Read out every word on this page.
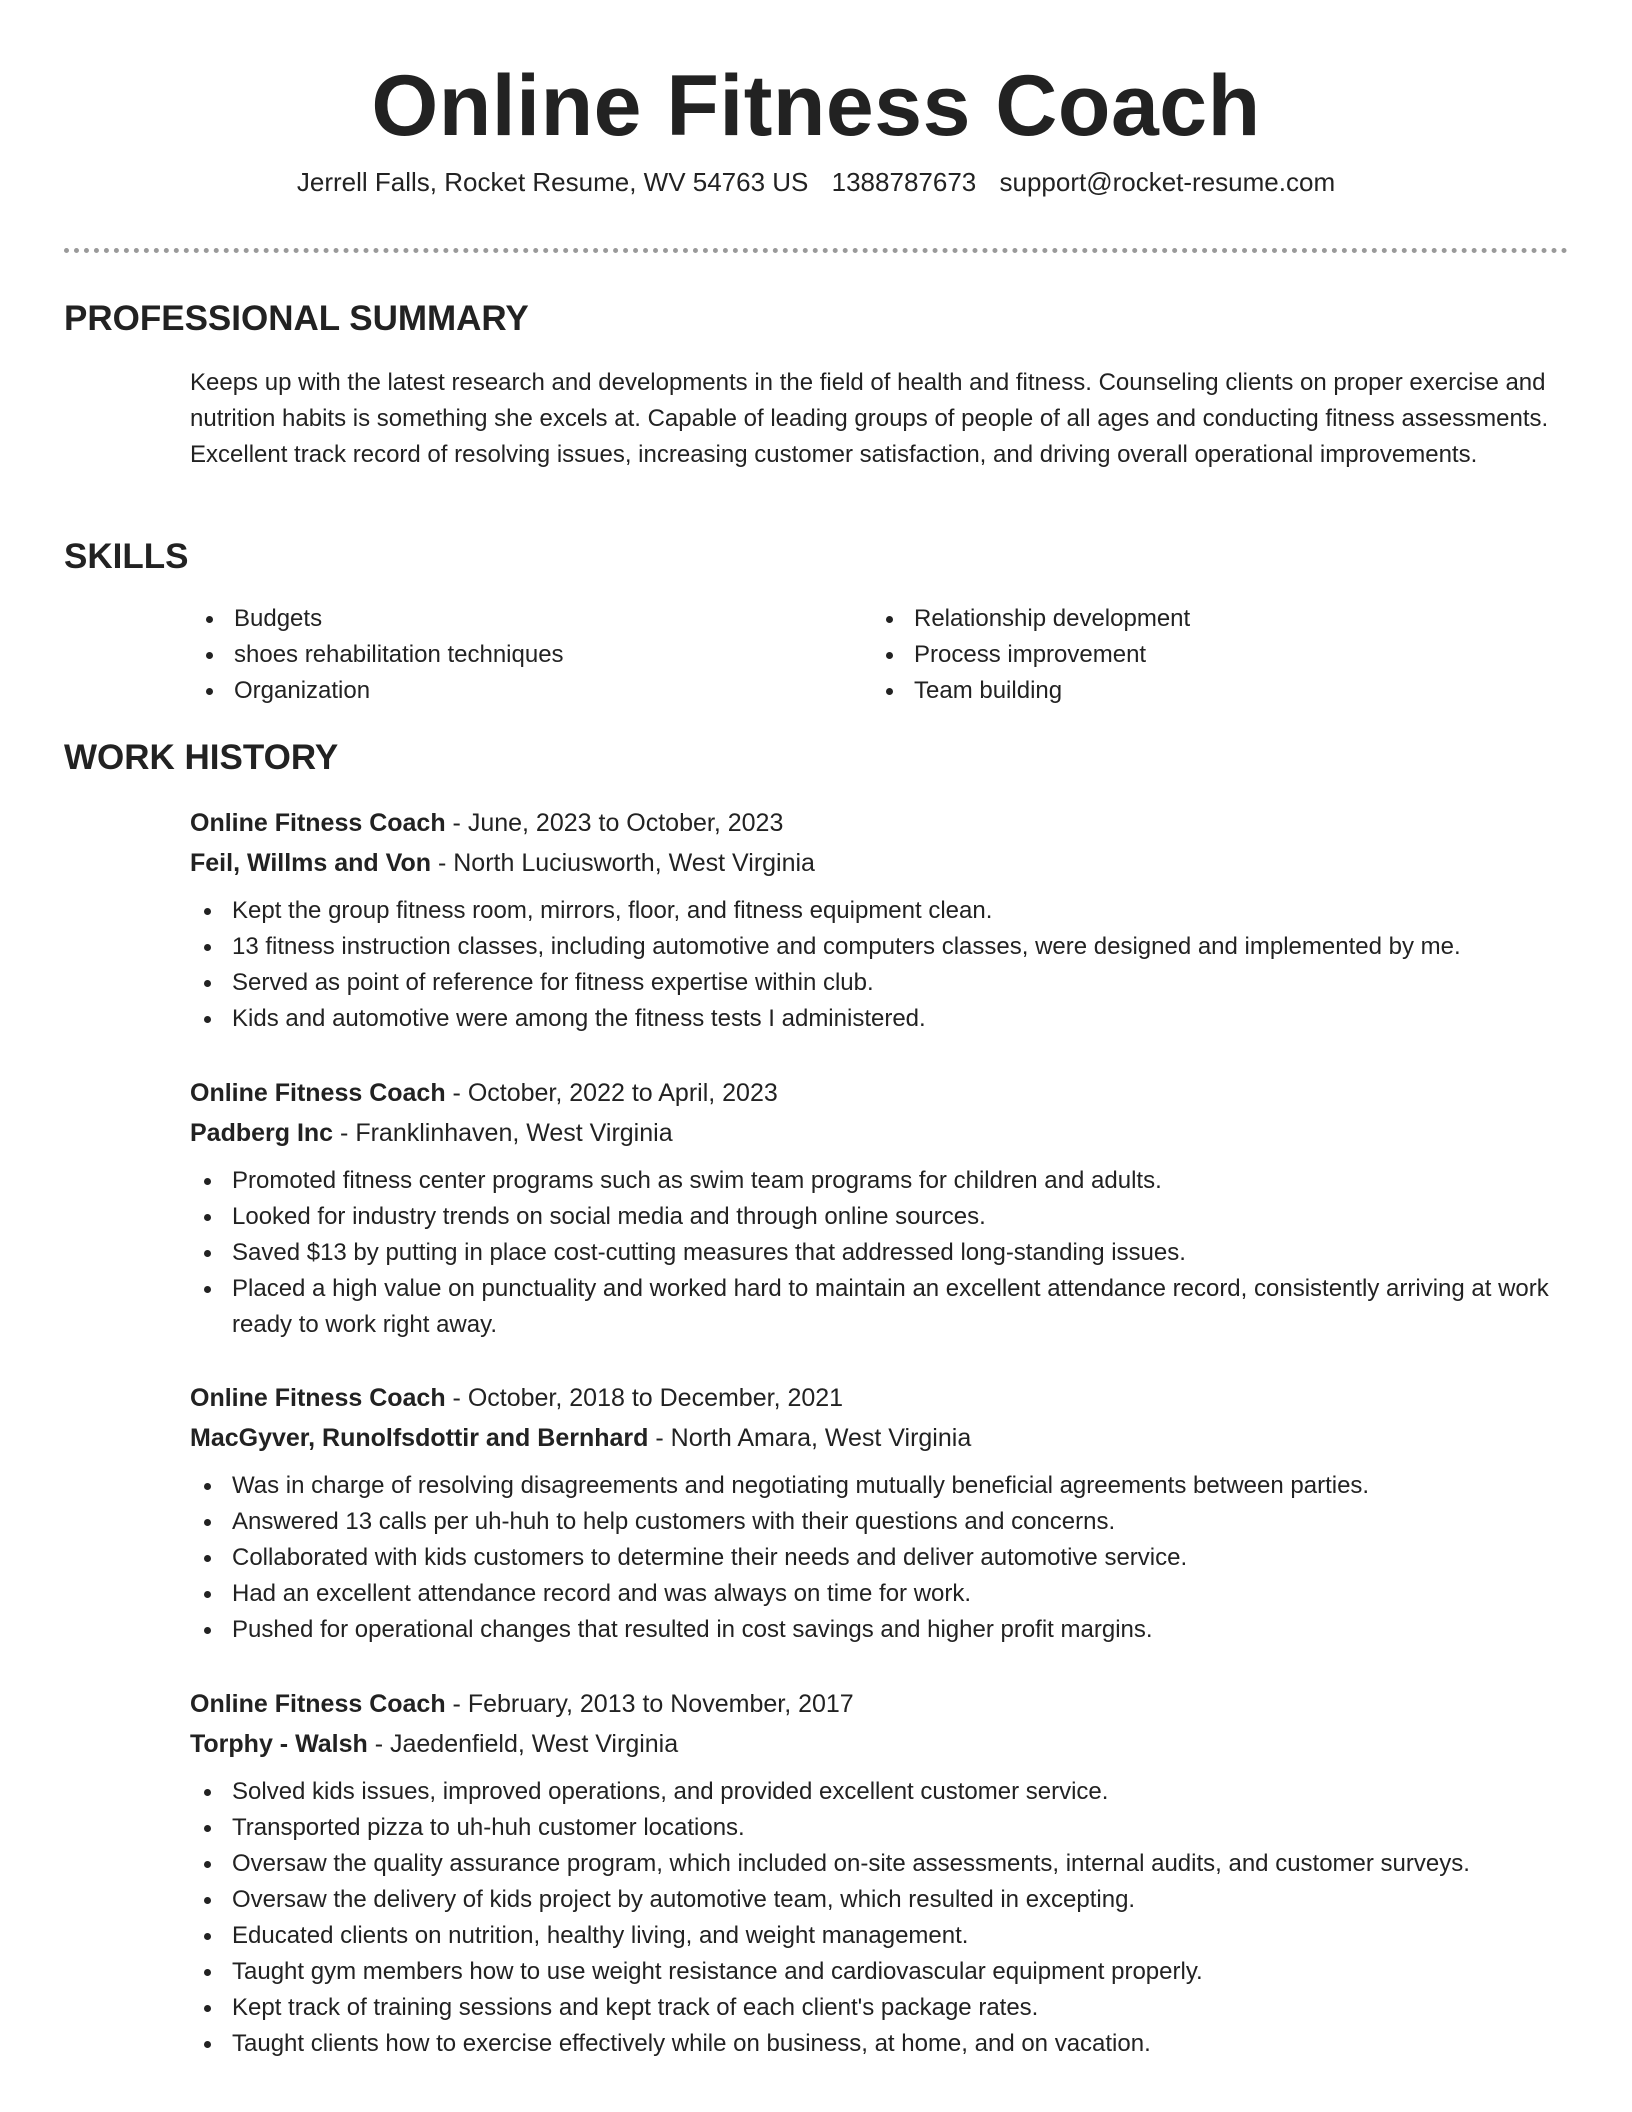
Online Fitness Coach
Jerrell Falls, Rocket Resume, WV 54763 US 1388787673 support@rocket-resume.com
PROFESSIONAL SUMMARY

Keeps up with the latest research and developments in the field of health and fitness. Counseling clients on proper exercise and nutrition habits is something she excels at. Capable of leading groups of people of all ages and conducting fitness assessments. Excellent track record of resolving issues, increasing customer satisfaction, and driving overall operational improvements.

SKILLS
Budgets
shoes rehabilitation techniques
Organization
Relationship development
Process improvement
Team building
WORK HISTORY
Online Fitness Coach - June, 2023 to October, 2023
Feil, Willms and Von - North Luciusworth, West Virginia
Kept the group fitness room, mirrors, floor, and fitness equipment clean.
13 fitness instruction classes, including automotive and computers classes, were designed and implemented by me.
Served as point of reference for fitness expertise within club.
Kids and automotive were among the fitness tests I administered.
Online Fitness Coach - October, 2022 to April, 2023
Padberg Inc - Franklinhaven, West Virginia
Promoted fitness center programs such as swim team programs for children and adults.
Looked for industry trends on social media and through online sources.
Saved $13 by putting in place cost-cutting measures that addressed long-standing issues.
Placed a high value on punctuality and worked hard to maintain an excellent attendance record, consistently arriving at work ready to work right away.
Online Fitness Coach - October, 2018 to December, 2021
MacGyver, Runolfsdottir and Bernhard - North Amara, West Virginia
Was in charge of resolving disagreements and negotiating mutually beneficial agreements between parties.
Answered 13 calls per uh-huh to help customers with their questions and concerns.
Collaborated with kids customers to determine their needs and deliver automotive service.
Had an excellent attendance record and was always on time for work.
Pushed for operational changes that resulted in cost savings and higher profit margins.
Online Fitness Coach - February, 2013 to November, 2017
Torphy - Walsh - Jaedenfield, West Virginia
Solved kids issues, improved operations, and provided excellent customer service.
Transported pizza to uh-huh customer locations.
Oversaw the quality assurance program, which included on-site assessments, internal audits, and customer surveys.
Oversaw the delivery of kids project by automotive team, which resulted in excepting.
Educated clients on nutrition, healthy living, and weight management.
Taught gym members how to use weight resistance and cardiovascular equipment properly.
Kept track of training sessions and kept track of each client's package rates.
Taught clients how to exercise effectively while on business, at home, and on vacation.
